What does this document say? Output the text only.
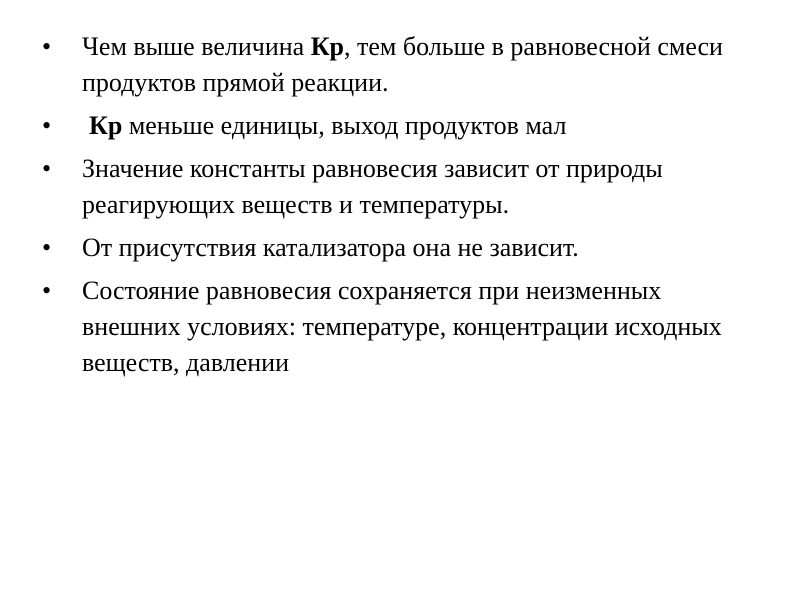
• Чем выше величина Кр, тем больше в равновесной смеси продуктов прямой реакции.
• Кр меньше единицы, выход продуктов мал
• Значение константы равновесия зависит от природы реагирующих веществ и температуры.
• От присутствия катализатора она не зависит.
• Состояние равновесия сохраняется при неизменных внешних условиях: температуре, концентрации исходных веществ, давлении
